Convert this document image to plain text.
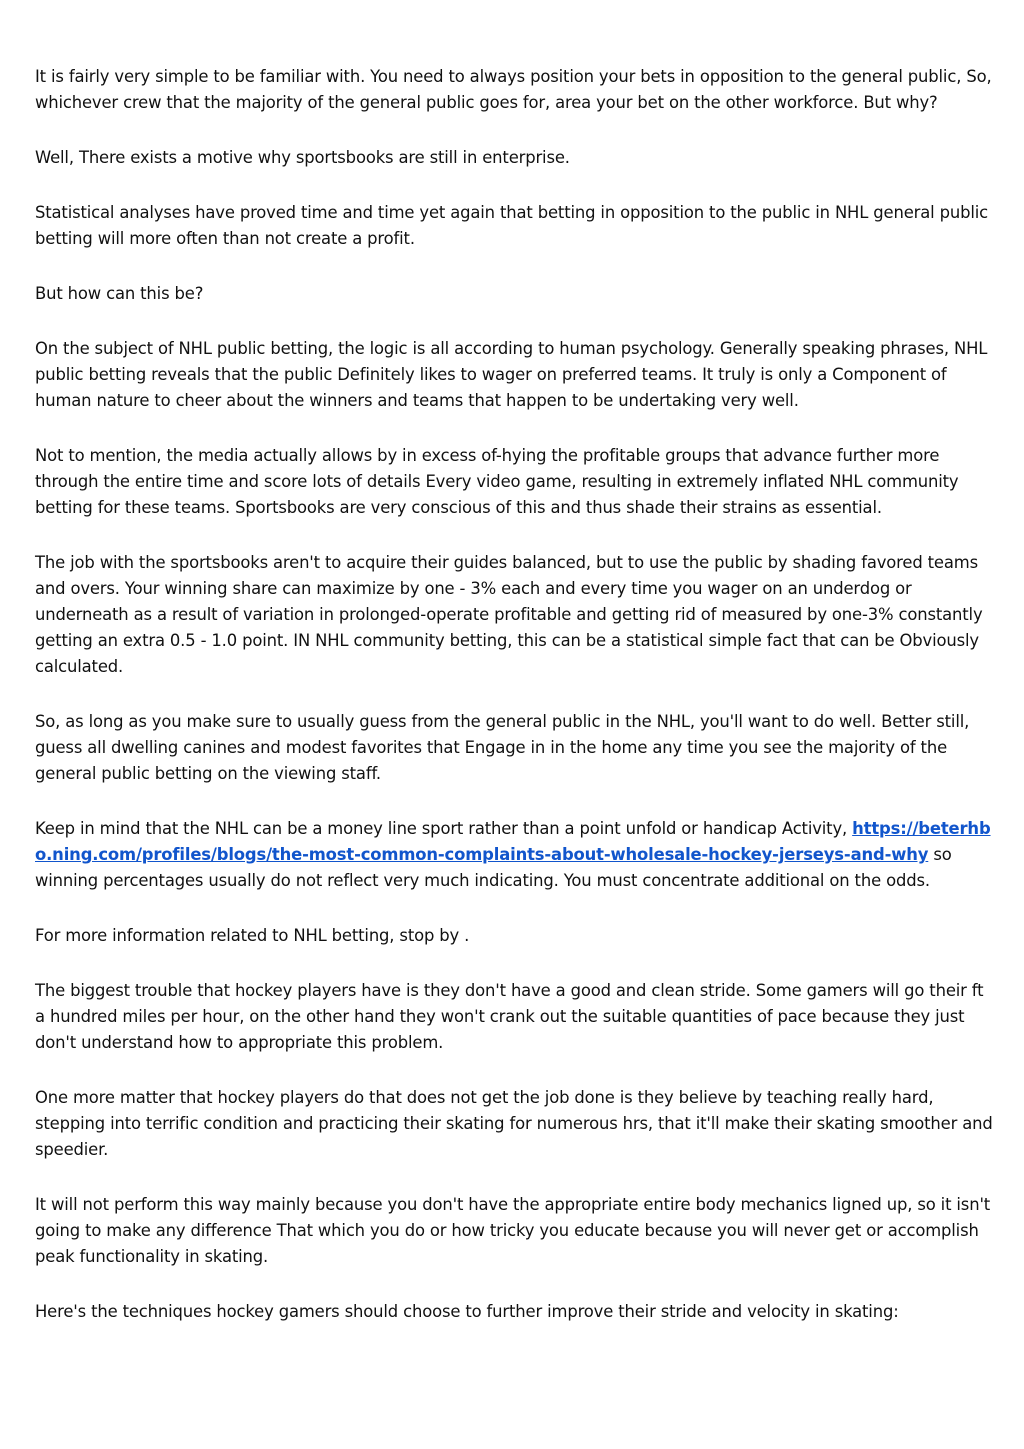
It is fairly very simple to be familiar with. You need to always position your bets in opposition to the general public, So, whichever crew that the majority of the general public goes for, area your bet on the other workforce. But why?

Well, There exists a motive why sportsbooks are still in enterprise.

Statistical analyses have proved time and time yet again that betting in opposition to the public in NHL general public betting will more often than not create a profit.

But how can this be?

On the subject of NHL public betting, the logic is all according to human psychology. Generally speaking phrases, NHL public betting reveals that the public Definitely likes to wager on preferred teams. It truly is only a Component of human nature to cheer about the winners and teams that happen to be undertaking very well.

Not to mention, the media actually allows by in excess of-hying the profitable groups that advance further more through the entire time and score lots of details Every video game, resulting in extremely inflated NHL community betting for these teams. Sportsbooks are very conscious of this and thus shade their strains as essential.

The job with the sportsbooks aren't to acquire their guides balanced, but to use the public by shading favored teams and overs. Your winning share can maximize by one - 3% each and every time you wager on an underdog or underneath as a result of variation in prolonged-operate profitable and getting rid of measured by one-3% constantly getting an extra 0.5 - 1.0 point. IN NHL community betting, this can be a statistical simple fact that can be Obviously calculated.

So, as long as you make sure to usually guess from the general public in the NHL, you'll want to do well. Better still, guess all dwelling canines and modest favorites that Engage in in the home any time you see the majority of the general public betting on the viewing staff.

Keep in mind that the NHL can be a money line sport rather than a point unfold or handicap Activity, https://beterhbo.ning.com/profiles/blogs/the-most-common-complaints-about-wholesale-hockey-jerseys-and-why so winning percentages usually do not reflect very much indicating. You must concentrate additional on the odds.

For more information related to NHL betting, stop by .

The biggest trouble that hockey players have is they don't have a good and clean stride. Some gamers will go their ft a hundred miles per hour, on the other hand they won't crank out the suitable quantities of pace because they just don't understand how to appropriate this problem.

One more matter that hockey players do that does not get the job done is they believe by teaching really hard, stepping into terrific condition and practicing their skating for numerous hrs, that it'll make their skating smoother and speedier.

It will not perform this way mainly because you don't have the appropriate entire body mechanics ligned up, so it isn't going to make any difference That which you do or how tricky you educate because you will never get or accomplish peak functionality in skating.

Here's the techniques hockey gamers should choose to further improve their stride and velocity in skating:
